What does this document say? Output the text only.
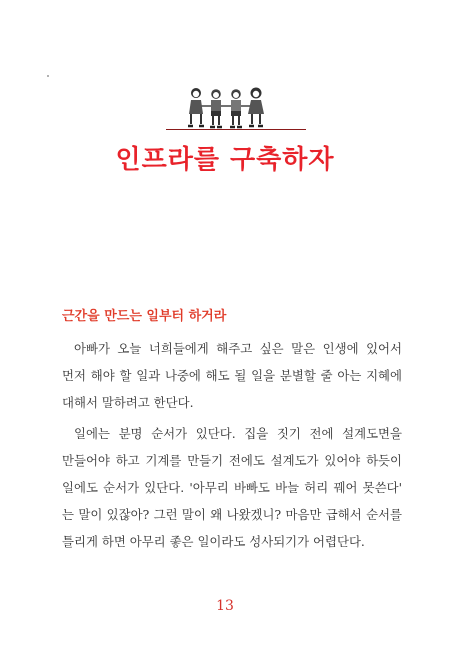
인프라를 구축하자
근간을 만드는 일부터 하거라

아빠가 오늘 너희들에게 해주고 싶은 말은 인생에 있어서 먼저 해야 할 일과 나중에 해도 될 일을 분별할 줄 아는 지혜에 대해서 말하려고 한단다.

일에는 분명 순서가 있단다. 집을 짓기 전에 설계도면을 만들어야 하고 기계를 만들기 전에도 설계도가 있어야 하듯이 일에도 순서가 있단다. '아무리 바빠도 바늘 허리 꿰어 못쓴다' 는 말이 있잖아? 그런 말이 왜 나왔겠니? 마음만 급해서 순서를 틀리게 하면 아무리 좋은 일이라도 성사되기가 어렵단다.

13
